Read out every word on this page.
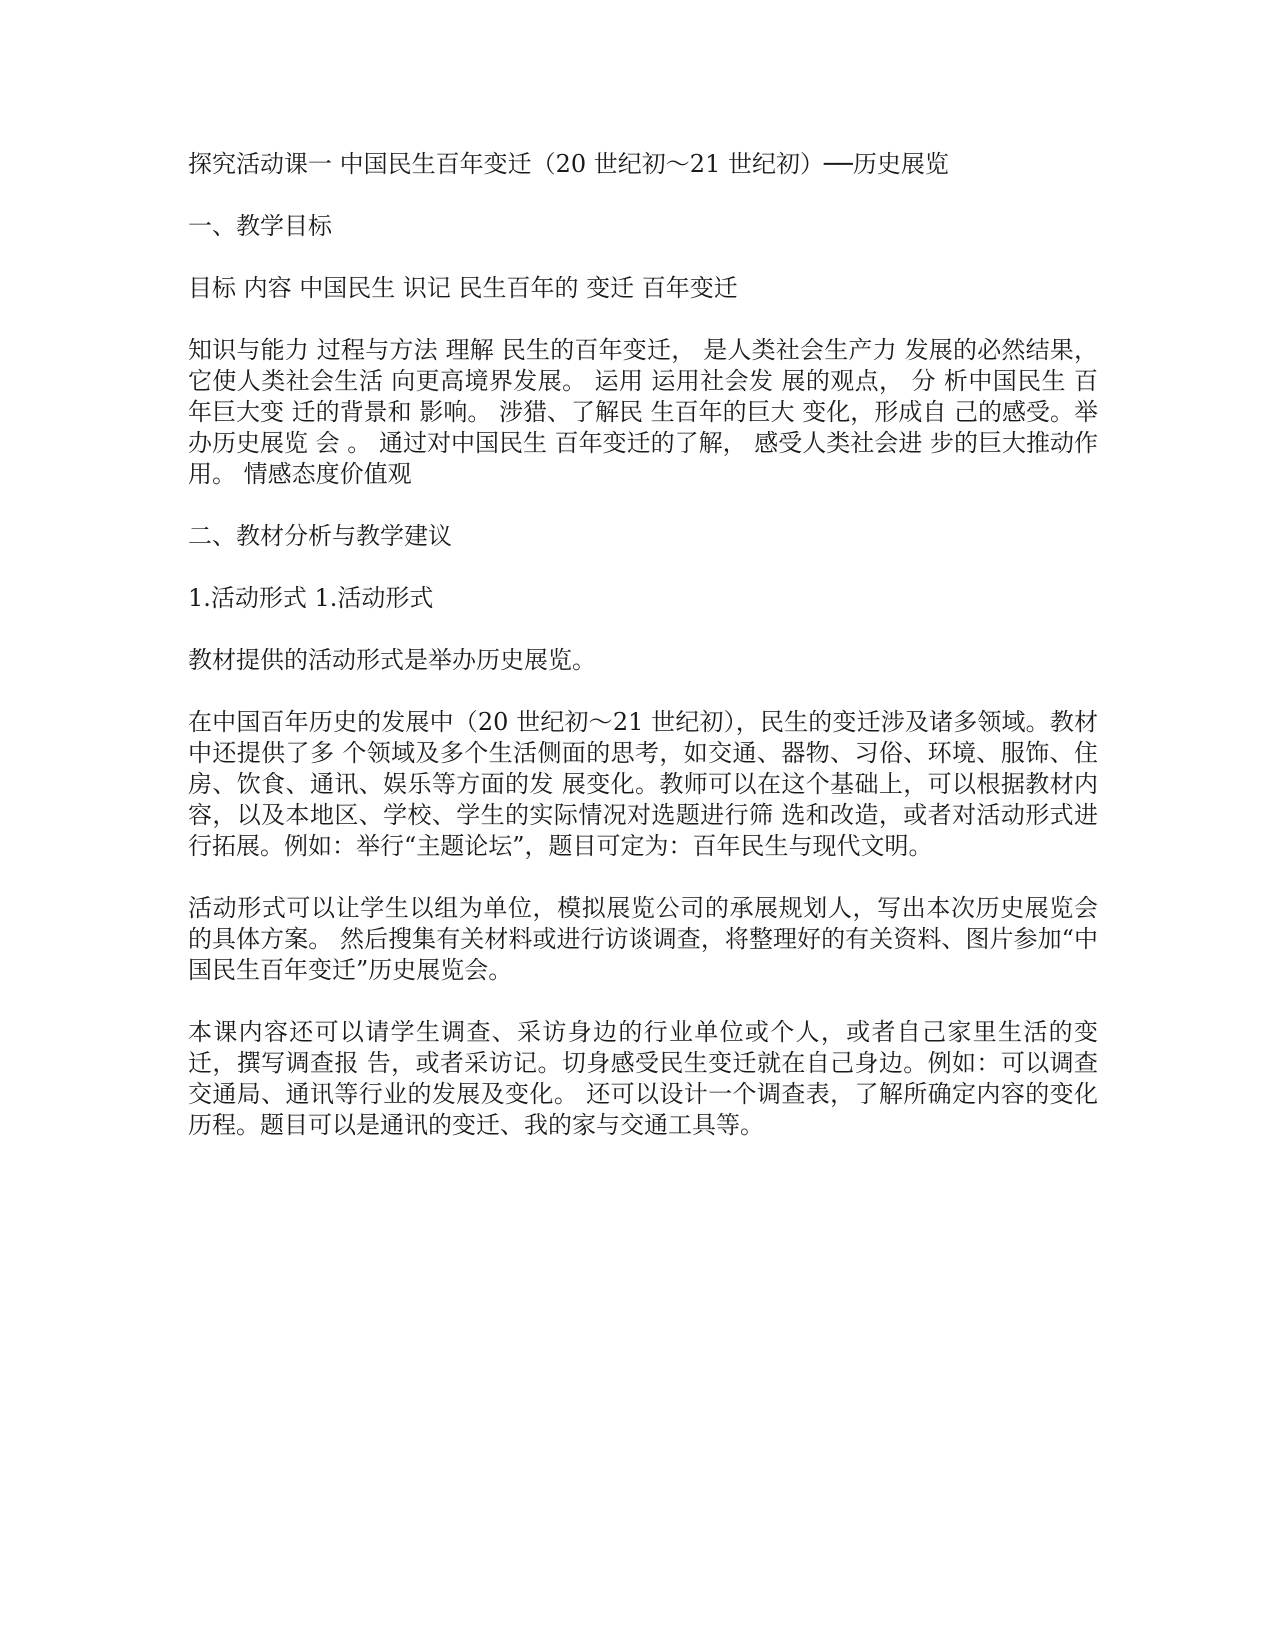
探究活动课一 中国民生百年变迁（20 世纪初～21 世纪初）──历史展览

一、教学目标

目标 内容 中国民生 识记 民生百年的 变迁 百年变迁

知识与能力 过程与方法 理解 民生的百年变迁， 是人类社会生产力 发展的必然结果， 它使人类社会生活 向更高境界发展。 运用 运用社会发 展的观点， 分 析中国民生 百年巨大变 迁的背景和 影响。 涉猎、了解民 生百年的巨大 变化，形成自 己的感受。举 办历史展览 会 。 通过对中国民生 百年变迁的了解， 感受人类社会进 步的巨大推动作 用。 情感态度价值观

二、教材分析与教学建议

1.活动形式 1.活动形式

教材提供的活动形式是举办历史展览。

在中国百年历史的发展中（20 世纪初～21 世纪初），民生的变迁涉及诸多领域。教材中还提供了多 个领域及多个生活侧面的思考，如交通、器物、习俗、环境、服饰、住房、饮食、通讯、娱乐等方面的发 展变化。教师可以在这个基础上，可以根据教材内容，以及本地区、学校、学生的实际情况对选题进行筛 选和改造，或者对活动形式进行拓展。例如：举行“主题论坛”，题目可定为：百年民生与现代文明。

活动形式可以让学生以组为单位，模拟展览公司的承展规划人，写出本次历史展览会的具体方案。 然后搜集有关材料或进行访谈调查，将整理好的有关资料、图片参加“中国民生百年变迁”历史展览会。

本课内容还可以请学生调查、采访身边的行业单位或个人，或者自己家里生活的变迁，撰写调查报 告，或者采访记。切身感受民生变迁就在自己身边。例如：可以调查交通局、通讯等行业的发展及变化。 还可以设计一个调查表，了解所确定内容的变化历程。题目可以是通讯的变迁、我的家与交通工具等。
